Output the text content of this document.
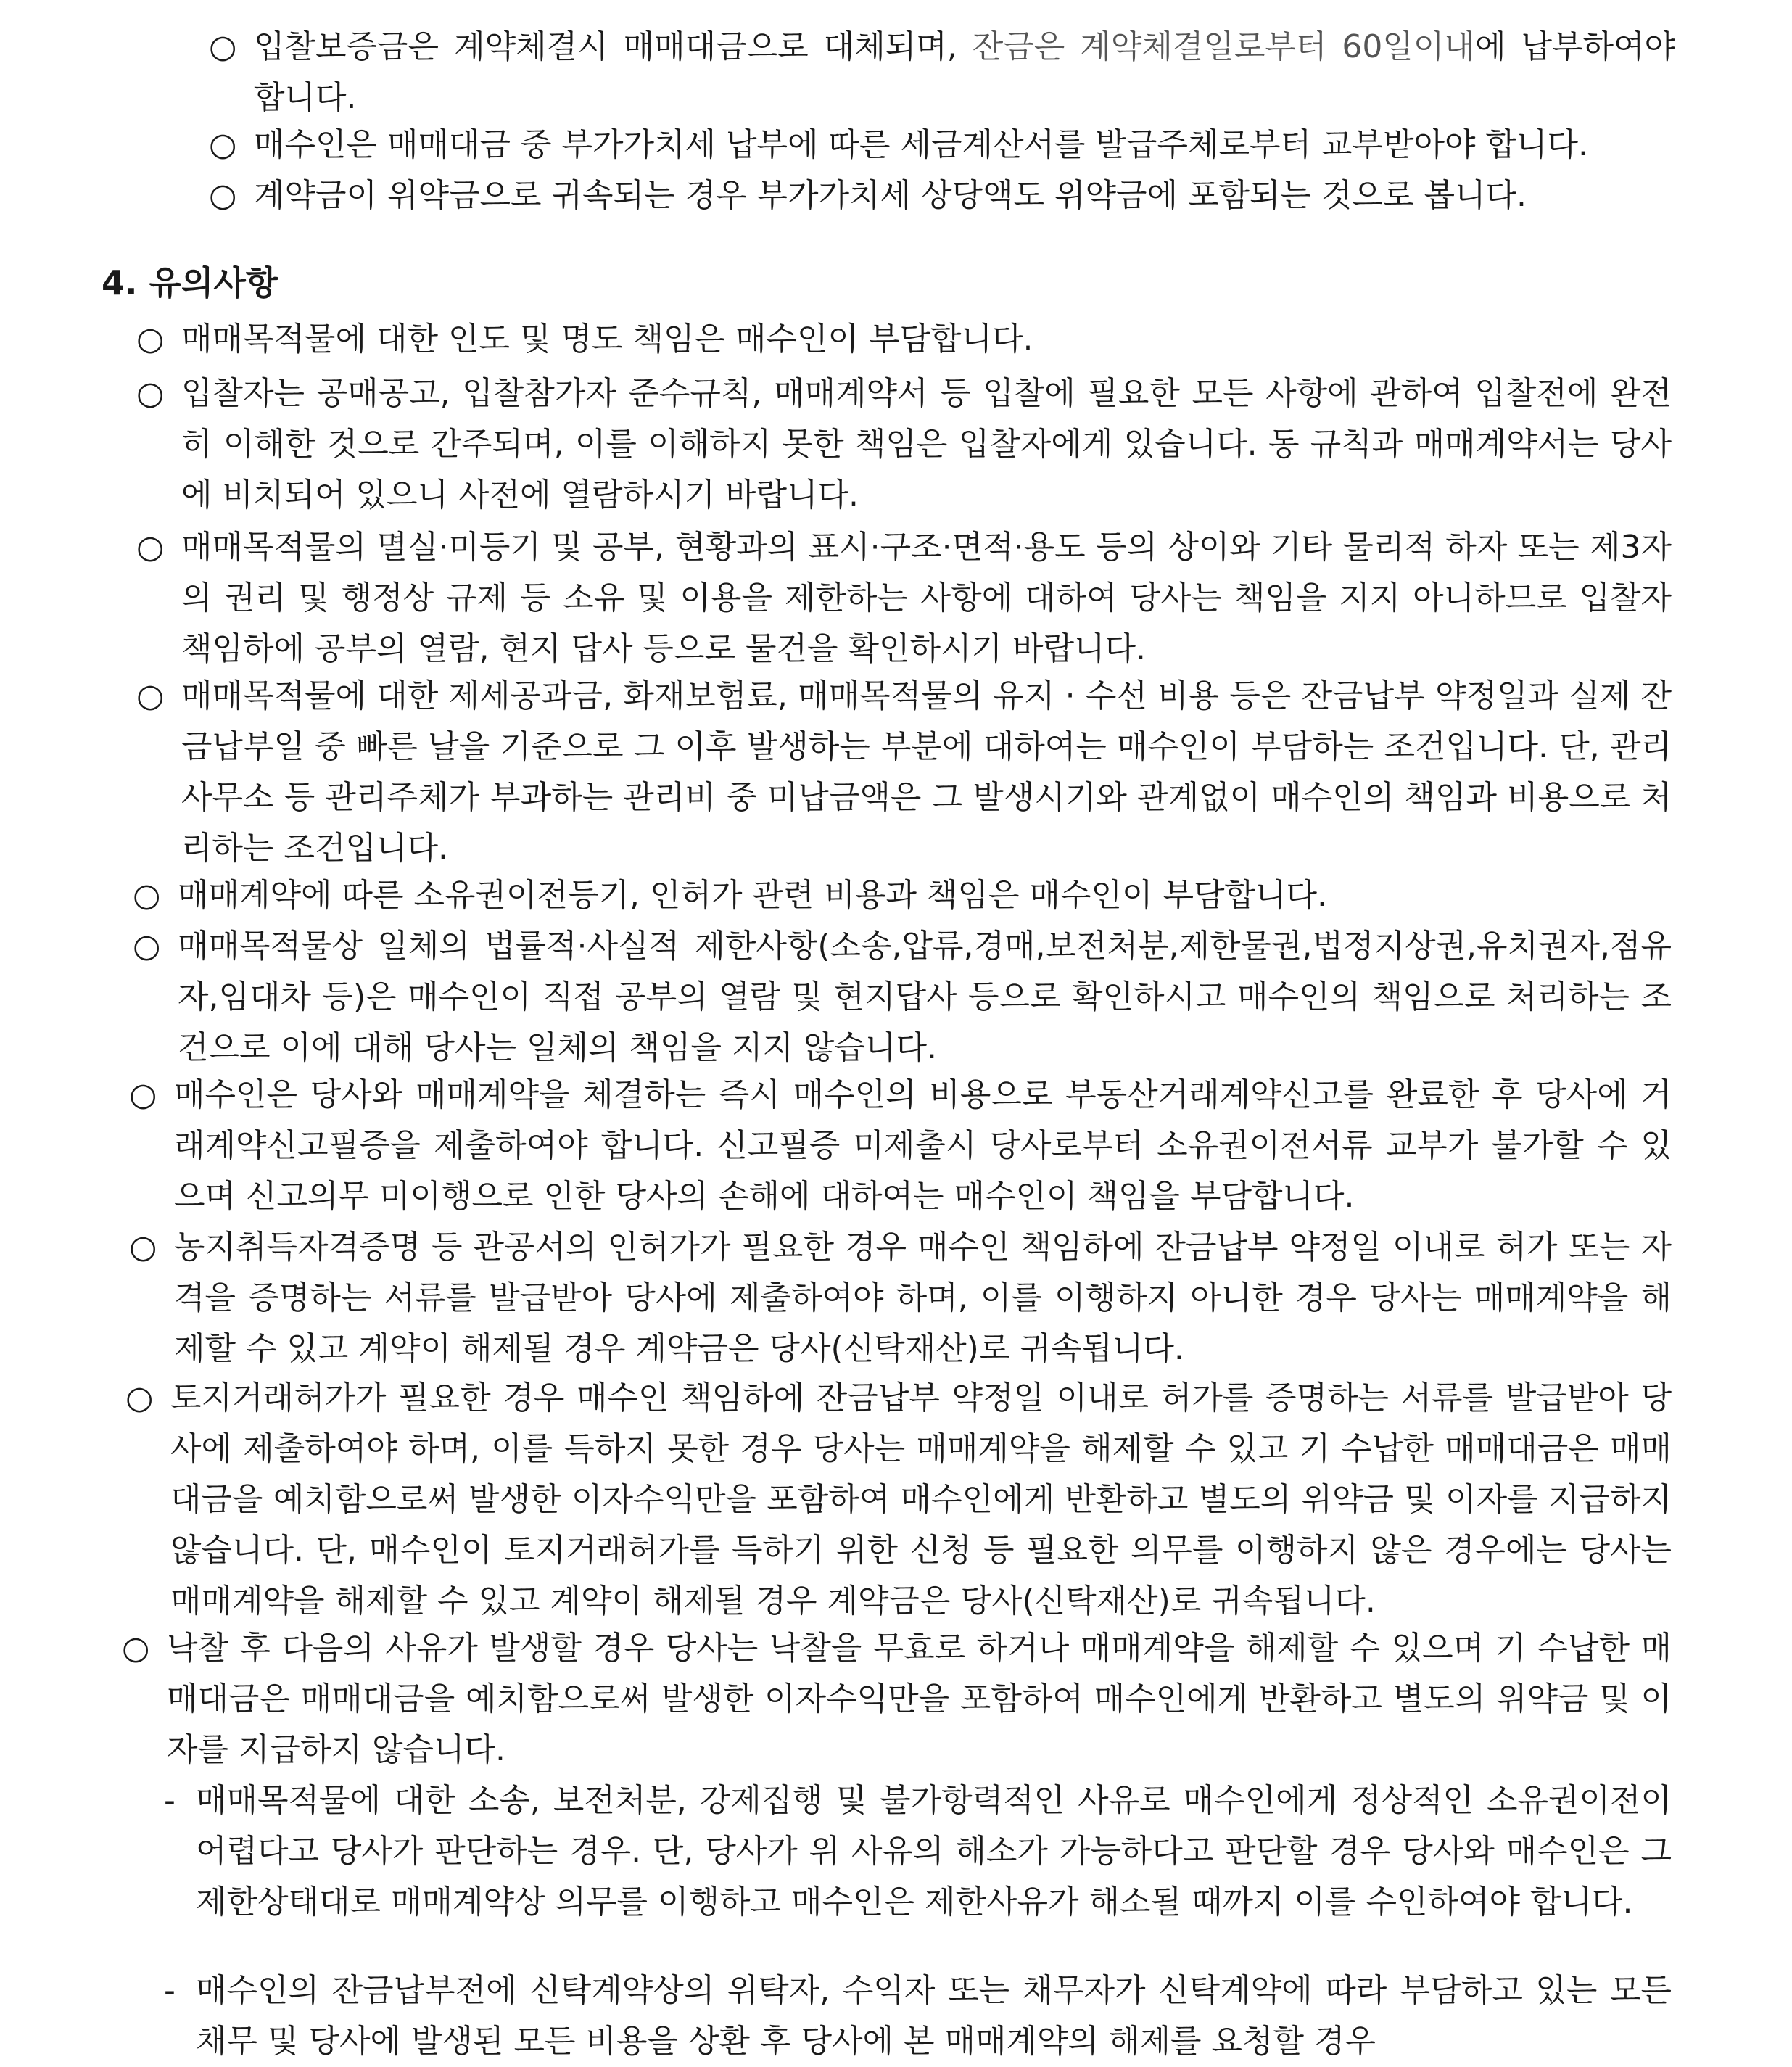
○ 입찰보증금은 계약체결시 매매대금으로 대체되며, 잔금은 계약체결일로부터 60일이내에 납부하여야 합니다.
○ 매수인은 매매대금 중 부가가치세 납부에 따른 세금계산서를 발급주체로부터 교부받아야 합니다.
○ 계약금이 위약금으로 귀속되는 경우 부가가치세 상당액도 위약금에 포함되는 것으로 봅니다.
4. 유의사항
○ 매매목적물에 대한 인도 및 명도 책임은 매수인이 부담합니다.
○ 입찰자는 공매공고, 입찰참가자 준수규칙, 매매계약서 등 입찰에 필요한 모든 사항에 관하여 입찰전에 완전히 이해한 것으로 간주되며, 이를 이해하지 못한 책임은 입찰자에게 있습니다. 동 규칙과 매매계약서는 당사에 비치되어 있으니 사전에 열람하시기 바랍니다.
○ 매매목적물의 멸실·미등기 및 공부, 현황과의 표시·구조·면적·용도 등의 상이와 기타 물리적 하자 또는 제3자의 권리 및 행정상 규제 등 소유 및 이용을 제한하는 사항에 대하여 당사는 책임을 지지 아니하므로 입찰자 책임하에 공부의 열람, 현지 답사 등으로 물건을 확인하시기 바랍니다.
○ 매매목적물에 대한 제세공과금, 화재보험료, 매매목적물의 유지 · 수선 비용 등은 잔금납부 약정일과 실제 잔금납부일 중 빠른 날을 기준으로 그 이후 발생하는 부분에 대하여는 매수인이 부담하는 조건입니다. 단, 관리사무소 등 관리주체가 부과하는 관리비 중 미납금액은 그 발생시기와 관계없이 매수인의 책임과 비용으로 처리하는 조건입니다.
○ 매매계약에 따른 소유권이전등기, 인허가 관련 비용과 책임은 매수인이 부담합니다.
○ 매매목적물상 일체의 법률적·사실적 제한사항(소송,압류,경매,보전처분,제한물권,법정지상권,유치권자,점유자,임대차 등)은 매수인이 직접 공부의 열람 및 현지답사 등으로 확인하시고 매수인의 책임으로 처리하는 조건으로 이에 대해 당사는 일체의 책임을 지지 않습니다.
○ 매수인은 당사와 매매계약을 체결하는 즉시 매수인의 비용으로 부동산거래계약신고를 완료한 후 당사에 거래계약신고필증을 제출하여야 합니다. 신고필증 미제출시 당사로부터 소유권이전서류 교부가 불가할 수 있으며 신고의무 미이행으로 인한 당사의 손해에 대하여는 매수인이 책임을 부담합니다.
○ 농지취득자격증명 등 관공서의 인허가가 필요한 경우 매수인 책임하에 잔금납부 약정일 이내로 허가 또는 자격을 증명하는 서류를 발급받아 당사에 제출하여야 하며, 이를 이행하지 아니한 경우 당사는 매매계약을 해제할 수 있고 계약이 해제될 경우 계약금은 당사(신탁재산)로 귀속됩니다.
○ 토지거래허가가 필요한 경우 매수인 책임하에 잔금납부 약정일 이내로 허가를 증명하는 서류를 발급받아 당사에 제출하여야 하며, 이를 득하지 못한 경우 당사는 매매계약을 해제할 수 있고 기 수납한 매매대금은 매매대금을 예치함으로써 발생한 이자수익만을 포함하여 매수인에게 반환하고 별도의 위약금 및 이자를 지급하지 않습니다. 단, 매수인이 토지거래허가를 득하기 위한 신청 등 필요한 의무를 이행하지 않은 경우에는 당사는 매매계약을 해제할 수 있고 계약이 해제될 경우 계약금은 당사(신탁재산)로 귀속됩니다.
○ 낙찰 후 다음의 사유가 발생할 경우 당사는 낙찰을 무효로 하거나 매매계약을 해제할 수 있으며 기 수납한 매매대금은 매매대금을 예치함으로써 발생한 이자수익만을 포함하여 매수인에게 반환하고 별도의 위약금 및 이자를 지급하지 않습니다.
- 매매목적물에 대한 소송, 보전처분, 강제집행 및 불가항력적인 사유로 매수인에게 정상적인 소유권이전이 어렵다고 당사가 판단하는 경우. 단, 당사가 위 사유의 해소가 가능하다고 판단할 경우 당사와 매수인은 그 제한상태대로 매매계약상 의무를 이행하고 매수인은 제한사유가 해소될 때까지 이를 수인하여야 합니다.
- 매수인의 잔금납부전에 신탁계약상의 위탁자, 수익자 또는 채무자가 신탁계약에 따라 부담하고 있는 모든 채무 및 당사에 발생된 모든 비용을 상환 후 당사에 본 매매계약의 해제를 요청할 경우
